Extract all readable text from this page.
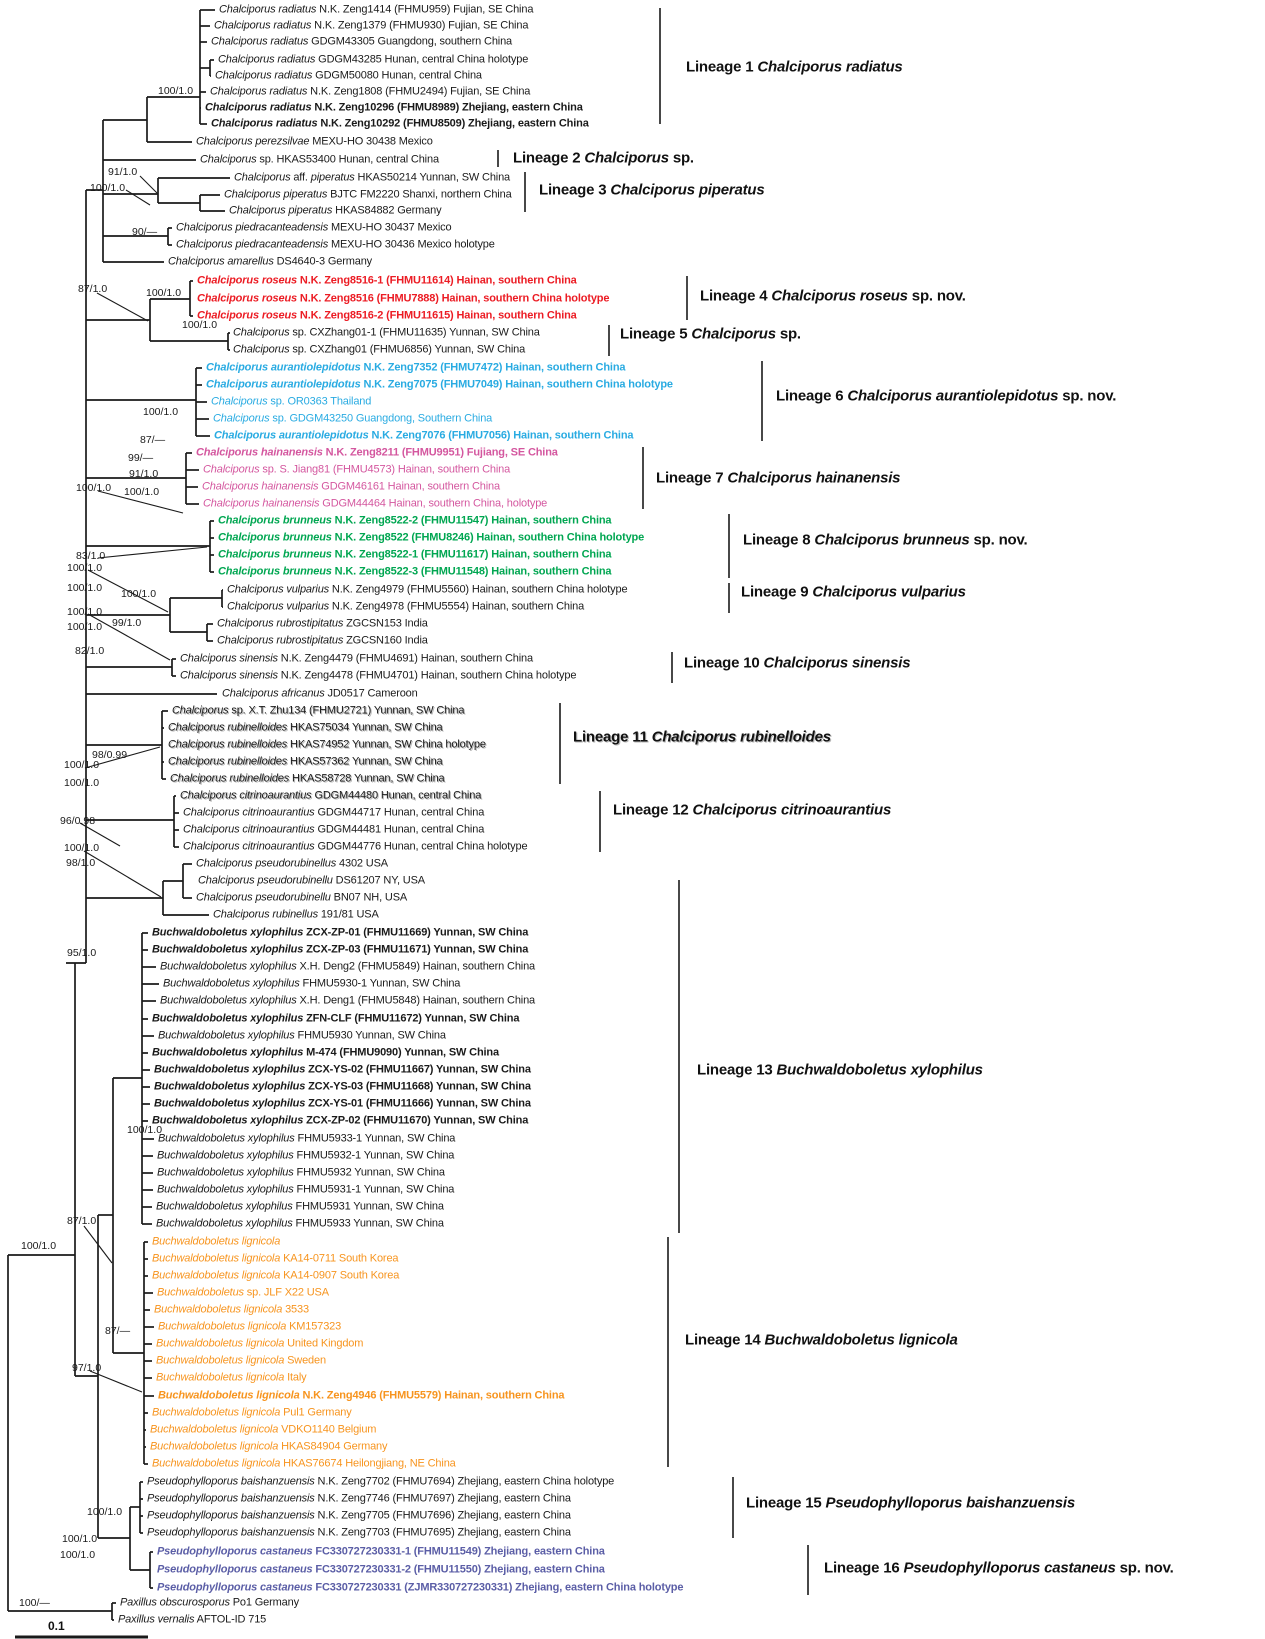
Chalciporus radiatus N.K. Zeng1414 (FHMU959) Fujian, SE China
Chalciporus radiatus N.K. Zeng1379 (FHMU930) Fujian, SE China
Chalciporus radiatus GDGM43305 Guangdong, southern China
Chalciporus radiatus GDGM43285 Hunan, central China holotype
Chalciporus radiatus GDGM50080 Hunan, central China
Chalciporus radiatus N.K. Zeng1808 (FHMU2494) Fujian, SE China
Chalciporus radiatus N.K. Zeng10296 (FHMU8989) Zhejiang, eastern China
Chalciporus radiatus N.K. Zeng10292 (FHMU8509) Zhejiang, eastern China
Chalciporus perezsilvae MEXU-HO 30438 Mexico
Chalciporus sp. HKAS53400 Hunan, central China
Chalciporus aff. piperatus HKAS50214 Yunnan, SW China
Chalciporus piperatus BJTC FM2220 Shanxi, northern China
Chalciporus piperatus HKAS84882 Germany
Chalciporus piedracanteadensis MEXU-HO 30437 Mexico
Chalciporus piedracanteadensis MEXU-HO 30436 Mexico holotype
Chalciporus amarellus DS4640-3 Germany
Chalciporus roseus N.K. Zeng8516-1 (FHMU11614) Hainan, southern China
Chalciporus roseus N.K. Zeng8516 (FHMU7888) Hainan, southern China holotype
Chalciporus roseus N.K. Zeng8516-2 (FHMU11615) Hainan, southern China
Chalciporus sp. CXZhang01-1 (FHMU11635) Yunnan, SW China
Chalciporus sp. CXZhang01 (FHMU6856) Yunnan, SW China
Chalciporus aurantiolepidotus N.K. Zeng7352 (FHMU7472) Hainan, southern China
Chalciporus aurantiolepidotus N.K. Zeng7075 (FHMU7049) Hainan, southern China holotype
Chalciporus sp. OR0363 Thailand
Chalciporus sp. GDGM43250 Guangdong, Southern China
Chalciporus aurantiolepidotus N.K. Zeng7076 (FHMU7056) Hainan, southern China
Chalciporus hainanensis N.K. Zeng8211 (FHMU9951) Fujiang, SE China
Chalciporus sp. S. Jiang81 (FHMU4573) Hainan, southern China
Chalciporus hainanensis GDGM46161 Hainan, southern China
Chalciporus hainanensis GDGM44464 Hainan, southern China, holotype
Chalciporus brunneus N.K. Zeng8522-2 (FHMU11547) Hainan, southern China
Chalciporus brunneus N.K. Zeng8522 (FHMU8246) Hainan, southern China holotype
Chalciporus brunneus N.K. Zeng8522-1 (FHMU11617) Hainan, southern China
Chalciporus brunneus N.K. Zeng8522-3 (FHMU11548) Hainan, southern China
Chalciporus vulparius N.K. Zeng4979 (FHMU5560) Hainan, southern China holotype
Chalciporus vulparius N.K. Zeng4978 (FHMU5554) Hainan, southern China
Chalciporus rubrostipitatus ZGCSN153 India
Chalciporus rubrostipitatus ZGCSN160 India
Chalciporus sinensis N.K. Zeng4479 (FHMU4691) Hainan, southern China
Chalciporus sinensis N.K. Zeng4478 (FHMU4701) Hainan, southern China holotype
Chalciporus africanus JD0517 Cameroon
Chalciporus sp. X.T. Zhu134 (FHMU2721) Yunnan, SW China
Chalciporus rubinelloides HKAS75034 Yunnan, SW China
Chalciporus rubinelloides HKAS74952 Yunnan, SW China holotype
Chalciporus rubinelloides HKAS57362 Yunnan, SW China
Chalciporus rubinelloides HKAS58728 Yunnan, SW China
Chalciporus citrinoaurantius GDGM44480 Hunan, central China
Chalciporus citrinoaurantius GDGM44717 Hunan, central China
Chalciporus citrinoaurantius GDGM44481 Hunan, central China
Chalciporus citrinoaurantius GDGM44776 Hunan, central China holotype
Chalciporus pseudorubinellus 4302 USA
Chalciporus pseudorubinellu DS61207 NY, USA
Chalciporus pseudorubinellu BN07 NH, USA
Chalciporus rubinellus 191/81 USA
Buchwaldoboletus xylophilus ZCX-ZP-01 (FHMU11669) Yunnan, SW China
Buchwaldoboletus xylophilus ZCX-ZP-03 (FHMU11671) Yunnan, SW China
Buchwaldoboletus xylophilus X.H. Deng2 (FHMU5849) Hainan, southern China
Buchwaldoboletus xylophilus FHMU5930-1 Yunnan, SW China
Buchwaldoboletus xylophilus X.H. Deng1 (FHMU5848) Hainan, southern China
Buchwaldoboletus xylophilus ZFN-CLF (FHMU11672) Yunnan, SW China
Buchwaldoboletus xylophilus FHMU5930 Yunnan, SW China
Buchwaldoboletus xylophilus M-474 (FHMU9090) Yunnan, SW China
Buchwaldoboletus xylophilus ZCX-YS-02 (FHMU11667) Yunnan, SW China
Buchwaldoboletus xylophilus ZCX-YS-03 (FHMU11668) Yunnan, SW China
Buchwaldoboletus xylophilus ZCX-YS-01 (FHMU11666) Yunnan, SW China
Buchwaldoboletus xylophilus ZCX-ZP-02 (FHMU11670) Yunnan, SW China
Buchwaldoboletus xylophilus FHMU5933-1 Yunnan, SW China
Buchwaldoboletus xylophilus FHMU5932-1 Yunnan, SW China
Buchwaldoboletus xylophilus FHMU5932 Yunnan, SW China
Buchwaldoboletus xylophilus FHMU5931-1 Yunnan, SW China
Buchwaldoboletus xylophilus FHMU5931 Yunnan, SW China
Buchwaldoboletus xylophilus FHMU5933 Yunnan, SW China
Buchwaldoboletus lignicola
Buchwaldoboletus lignicola KA14-0711 South Korea
Buchwaldoboletus lignicola KA14-0907 South Korea
Buchwaldoboletus sp. JLF X22 USA
Buchwaldoboletus lignicola 3533
Buchwaldoboletus lignicola KM157323
Buchwaldoboletus lignicola United Kingdom
Buchwaldoboletus lignicola Sweden
Buchwaldoboletus lignicola Italy
Buchwaldoboletus lignicola N.K. Zeng4946 (FHMU5579) Hainan, southern China
Buchwaldoboletus lignicola Pul1 Germany
Buchwaldoboletus lignicola VDKO1140 Belgium
Buchwaldoboletus lignicola HKAS84904 Germany
Buchwaldoboletus lignicola HKAS76674 Heilongjiang, NE China
Pseudophylloporus baishanzuensis N.K. Zeng7702 (FHMU7694) Zhejiang, eastern China holotype
Pseudophylloporus baishanzuensis N.K. Zeng7746 (FHMU7697) Zhejiang, eastern China
Pseudophylloporus baishanzuensis N.K. Zeng7705 (FHMU7696) Zhejiang, eastern China
Pseudophylloporus baishanzuensis N.K. Zeng7703 (FHMU7695) Zhejiang, eastern China
Pseudophylloporus castaneus FC330727230331-1 (FHMU11549) Zhejiang, eastern China
Pseudophylloporus castaneus FC330727230331-2 (FHMU11550) Zhejiang, eastern China
Pseudophylloporus castaneus FC330727230331 (ZJMR330727230331) Zhejiang, eastern China holotype
Paxillus obscurosporus Po1 Germany
Paxillus vernalis AFTOL-ID 715
100/1.0
91/1.0
100/1.0
90/—
87/1.0	100/1.0
100/1.0
100/1.0
87/—
99/—
91/1.0
100/1.0
100/1.0
83/1.0
100/1.0
100/1.0
100/1.0
100/1.0
82/1.0
100/1.0
99/1.0
98/0.99
100/1.0
100/1.0
96/0.98
100/1.0
98/1.0
95/1.0
100/1.0
87/1.0
100/1.0
87/—
97/1.0
100/1.0
100/1.0
100/1.0
100/—
Lineage 1 Chalciporus radiatus
Lineage 2 Chalciporus sp.
Lineage 3 Chalciporus piperatus
Lineage 4 Chalciporus roseus sp. nov.
Lineage 5 Chalciporus sp.
Lineage 6 Chalciporus aurantiolepidotus sp. nov.
Lineage 7 Chalciporus hainanensis
Lineage 8 Chalciporus brunneus sp. nov.
Lineage 9 Chalciporus vulparius
Lineage 10 Chalciporus sinensis
Lineage 11 Chalciporus rubinelloides
Lineage 12 Chalciporus citrinoaurantius
Lineage 13 Buchwaldoboletus xylophilus
Lineage 14 Buchwaldoboletus lignicola
Lineage 15 Pseudophylloporus baishanzuensis
Lineage 16 Pseudophylloporus castaneus sp. nov.
0.1
